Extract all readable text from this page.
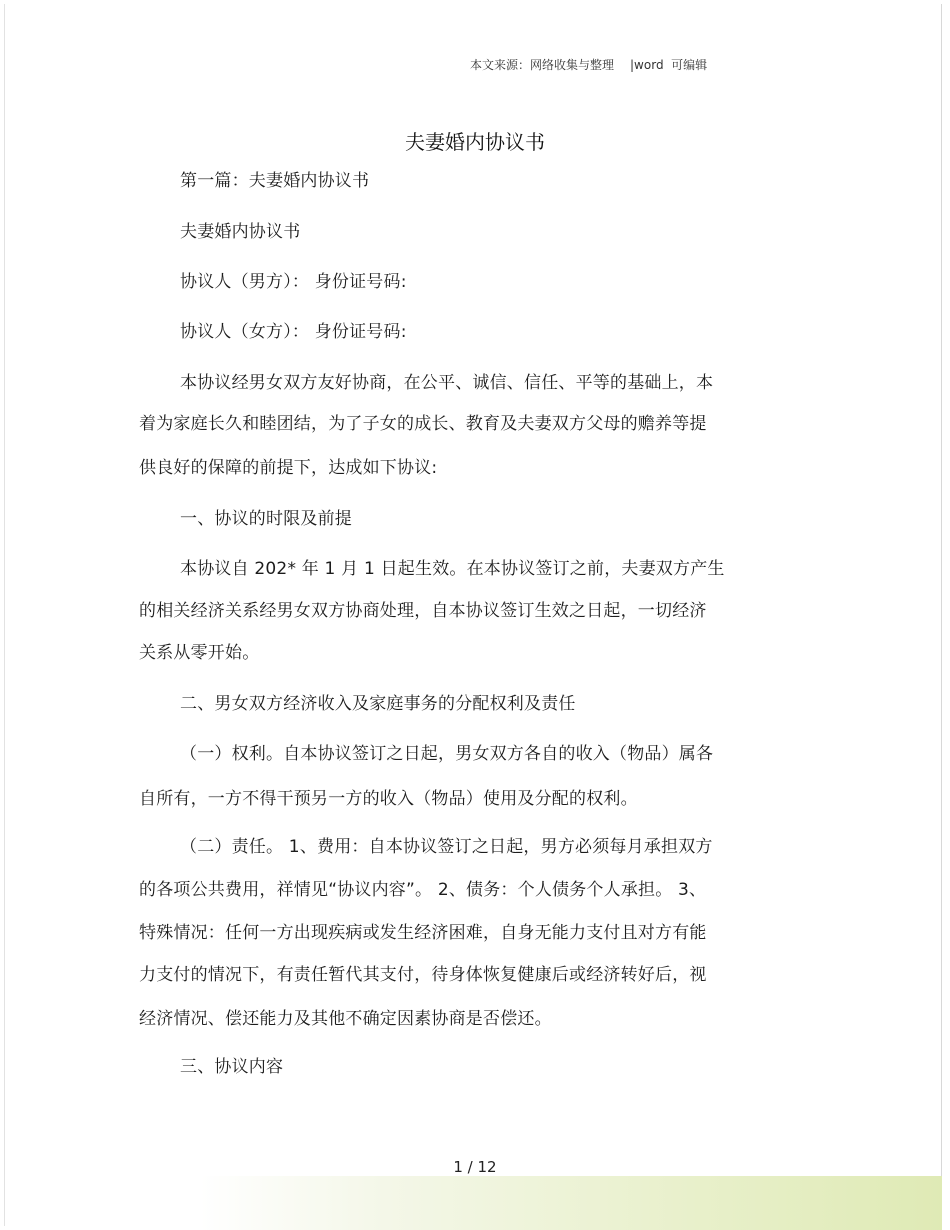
本文来源：网络收集与整理 |word  可编辑
夫妻婚内协议书
第一篇：夫妻婚内协议书
夫妻婚内协议书
协议人（男方）： 身份证号码:
协议人（女方）： 身份证号码:
本协议经男女双方友好协商，在公平、诚信、信任、平等的基础上，本
着为家庭长久和睦团结，为了子女的成长、教育及夫妻双方父母的赡养等提
供良好的保障的前提下，达成如下协议:
一、协议的时限及前提
本协议自 202* 年 1 月 1 日起生效。在本协议签订之前，夫妻双方产生
的相关经济关系经男女双方协商处理，自本协议签订生效之日起，一切经济
关系从零开始。
二、男女双方经济收入及家庭事务的分配权利及责任
（一）权利。自本协议签订之日起，男女双方各自的收入（物品）属各
自所有，一方不得干预另一方的收入（物品）使用及分配的权利。
（二）责任。 1、费用：自本协议签订之日起，男方必须每月承担双方
的各项公共费用，祥情见“协议内容”。 2、债务：个人债务个人承担。 3、
特殊情况：任何一方出现疾病或发生经济困难，自身无能力支付且对方有能
力支付的情况下，有责任暂代其支付，待身体恢复健康后或经济转好后，视
经济情况、偿还能力及其他不确定因素协商是否偿还。
三、协议内容
1 / 12
